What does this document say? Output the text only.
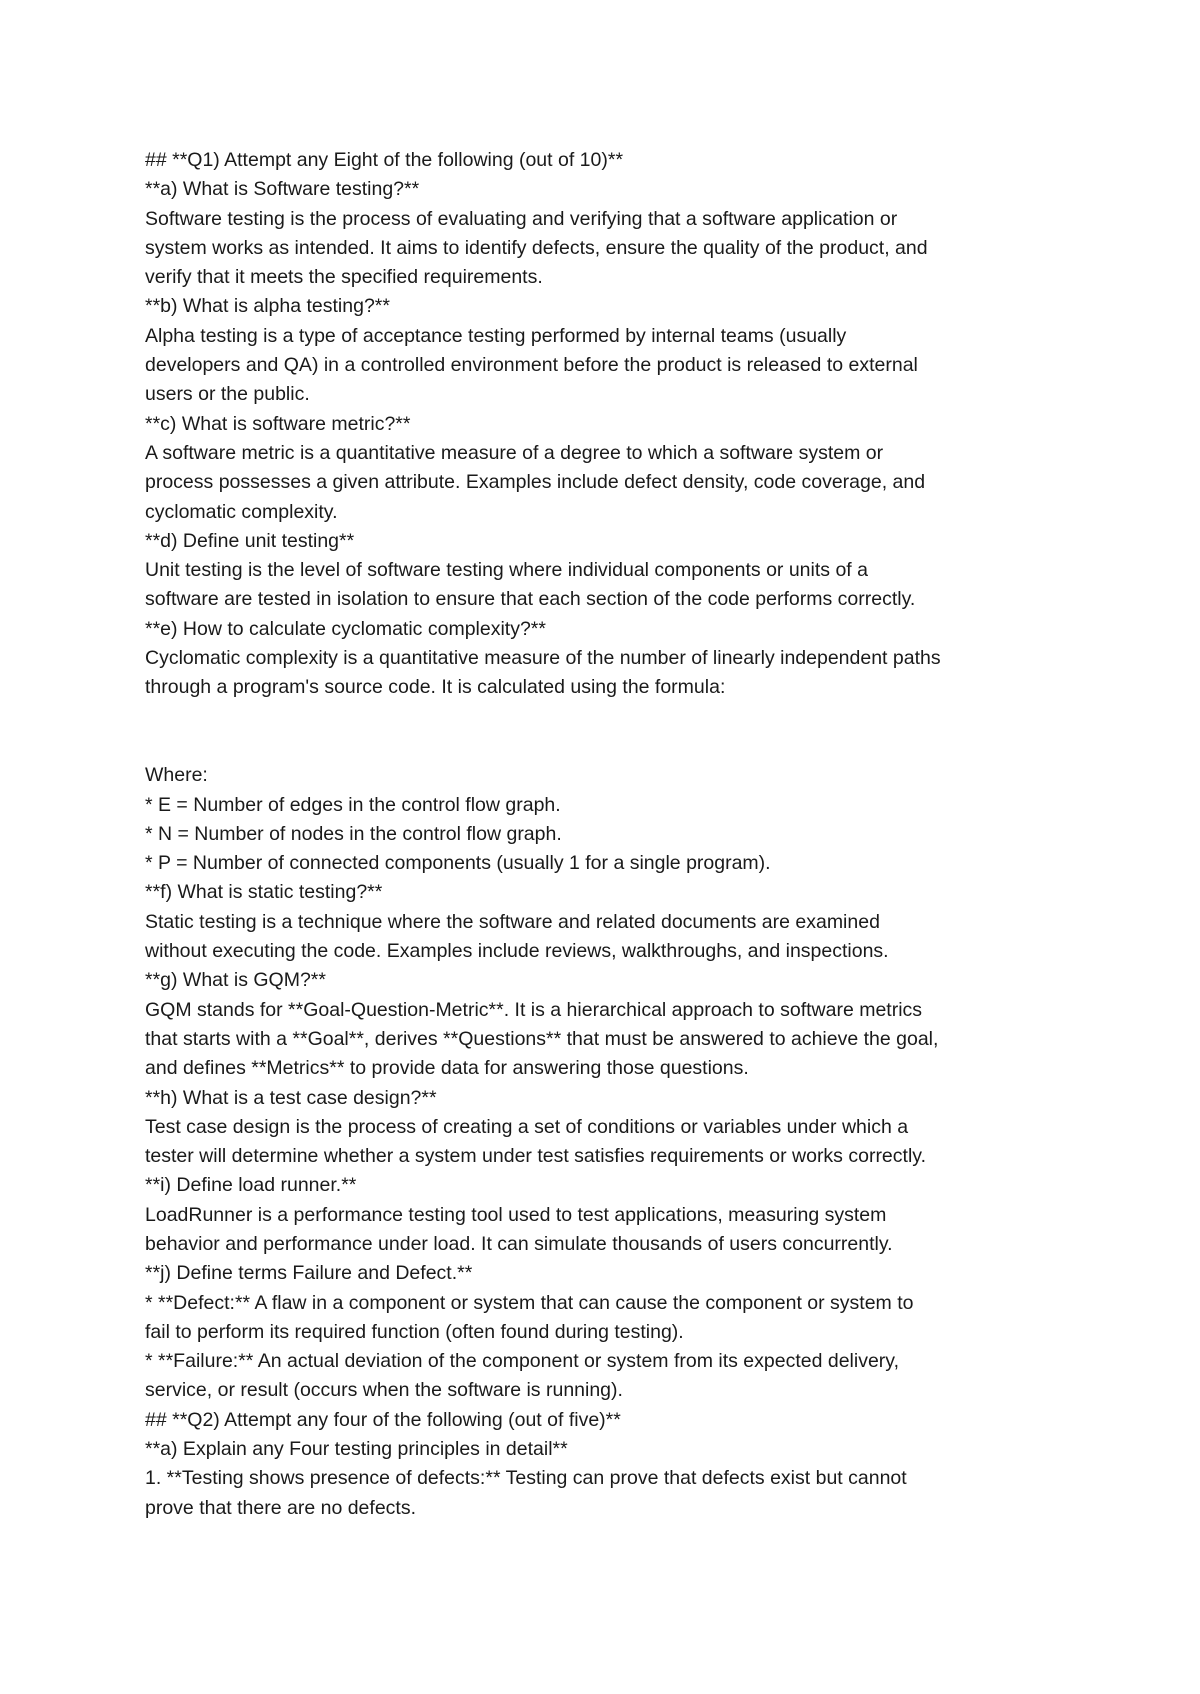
## **Q1) Attempt any Eight of the following (out of 10)**
**a) What is Software testing?**
Software testing is the process of evaluating and verifying that a software application or
system works as intended. It aims to identify defects, ensure the quality of the product, and
verify that it meets the specified requirements.
**b) What is alpha testing?**
Alpha testing is a type of acceptance testing performed by internal teams (usually
developers and QA) in a controlled environment before the product is released to external
users or the public.
**c) What is software metric?**
A software metric is a quantitative measure of a degree to which a software system or
process possesses a given attribute. Examples include defect density, code coverage, and
cyclomatic complexity.
**d) Define unit testing**
Unit testing is the level of software testing where individual components or units of a
software are tested in isolation to ensure that each section of the code performs correctly.
**e) How to calculate cyclomatic complexity?**
Cyclomatic complexity is a quantitative measure of the number of linearly independent paths
through a program's source code. It is calculated using the formula:
Where:
* E = Number of edges in the control flow graph.
* N = Number of nodes in the control flow graph.
* P = Number of connected components (usually 1 for a single program).
**f) What is static testing?**
Static testing is a technique where the software and related documents are examined
without executing the code. Examples include reviews, walkthroughs, and inspections.
**g) What is GQM?**
GQM stands for **Goal-Question-Metric**. It is a hierarchical approach to software metrics
that starts with a **Goal**, derives **Questions** that must be answered to achieve the goal,
and defines **Metrics** to provide data for answering those questions.
**h) What is a test case design?**
Test case design is the process of creating a set of conditions or variables under which a
tester will determine whether a system under test satisfies requirements or works correctly.
**i) Define load runner.**
LoadRunner is a performance testing tool used to test applications, measuring system
behavior and performance under load. It can simulate thousands of users concurrently.
**j) Define terms Failure and Defect.**
* **Defect:** A flaw in a component or system that can cause the component or system to
fail to perform its required function (often found during testing).
* **Failure:** An actual deviation of the component or system from its expected delivery,
service, or result (occurs when the software is running).
## **Q2) Attempt any four of the following (out of five)**
**a) Explain any Four testing principles in detail**
1. **Testing shows presence of defects:** Testing can prove that defects exist but cannot
prove that there are no defects.
